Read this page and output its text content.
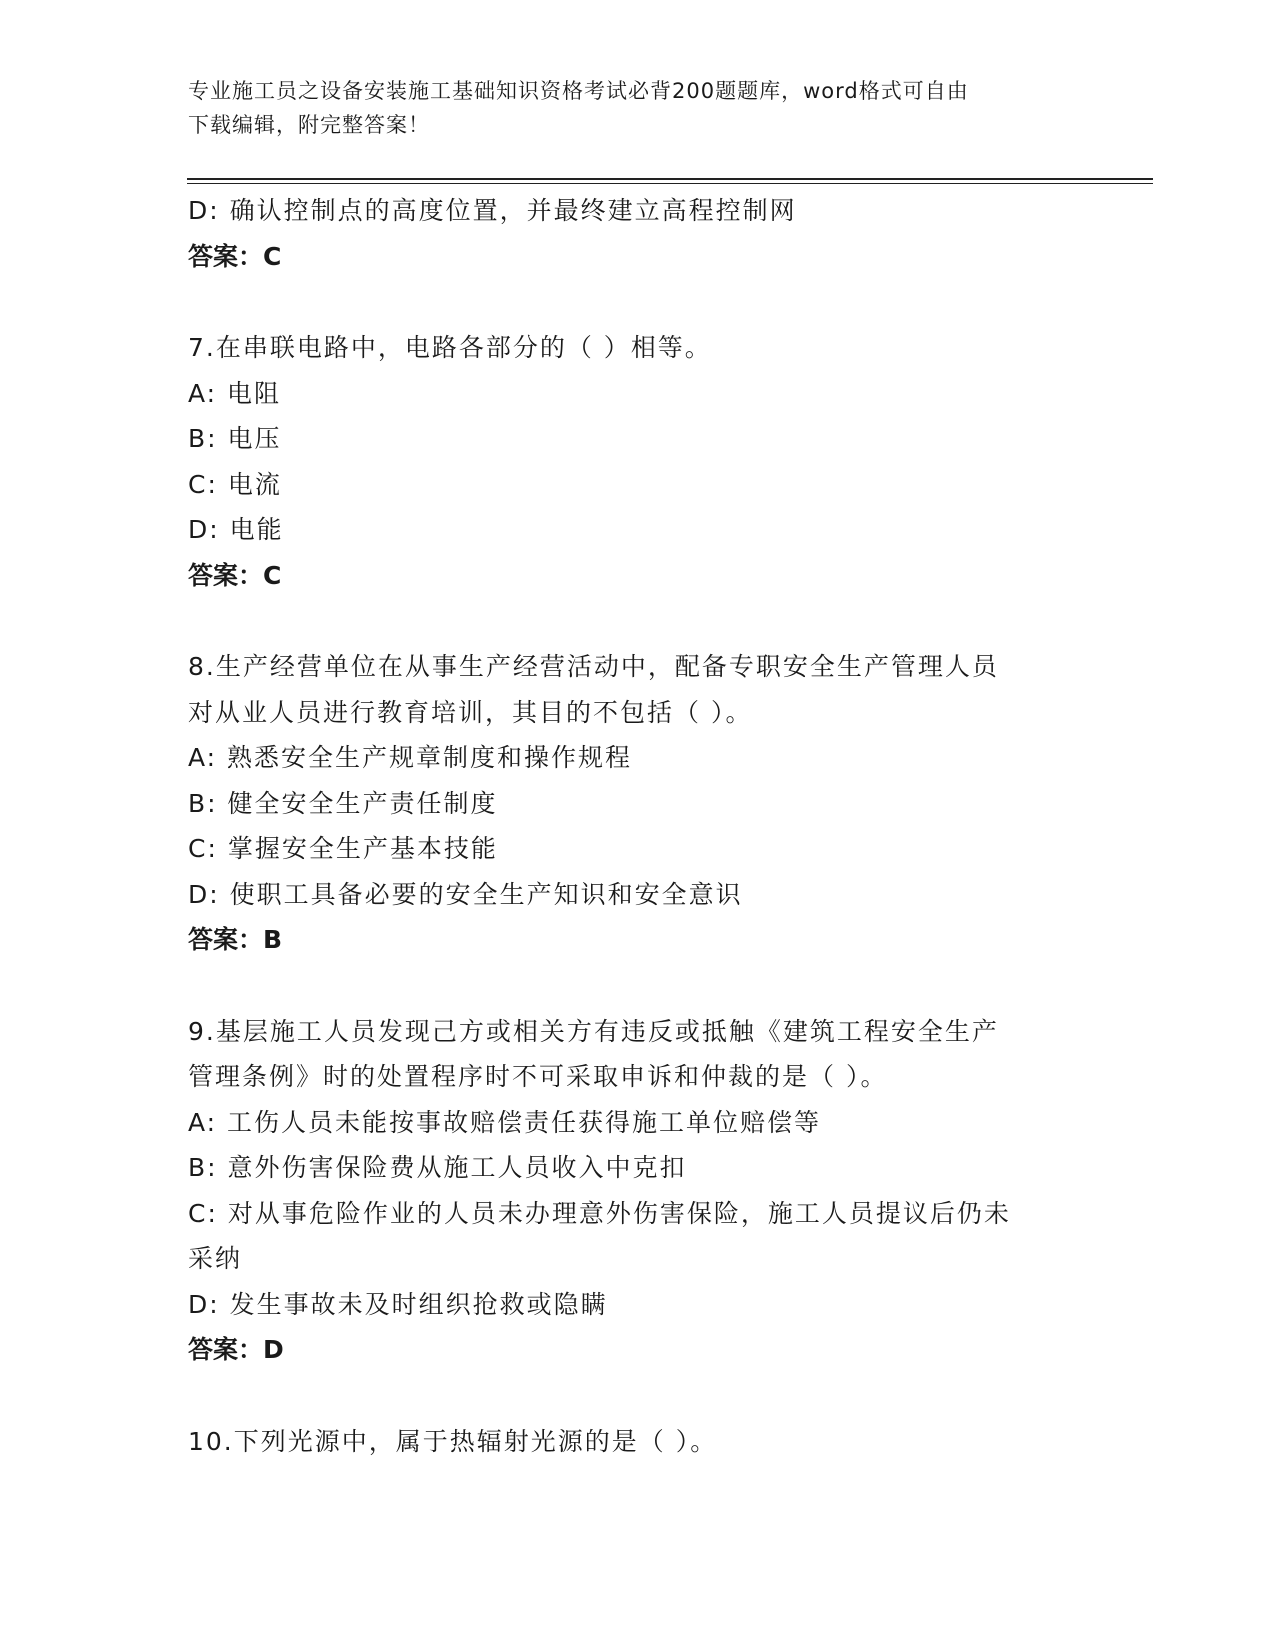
专业施工员之设备安装施工基础知识资格考试必背200题题库，word格式可自由
下载编辑，附完整答案！
D: 确认控制点的高度位置，并最终建立高程控制网
答案：C
7.在串联电路中，电路各部分的（ ）相等。
A: 电阻
B: 电压
C: 电流
D: 电能
答案：C
8.生产经营单位在从事生产经营活动中，配备专职安全生产管理人员
对从业人员进行教育培训，其目的不包括（ ）。
A: 熟悉安全生产规章制度和操作规程
B: 健全安全生产责任制度
C: 掌握安全生产基本技能
D: 使职工具备必要的安全生产知识和安全意识
答案：B
9.基层施工人员发现己方或相关方有违反或抵触《建筑工程安全生产
管理条例》时的处置程序时不可采取申诉和仲裁的是（ ）。
A: 工伤人员未能按事故赔偿责任获得施工单位赔偿等
B: 意外伤害保险费从施工人员收入中克扣
C: 对从事危险作业的人员未办理意外伤害保险，施工人员提议后仍未
采纳
D: 发生事故未及时组织抢救或隐瞒
答案：D
10.下列光源中，属于热辐射光源的是（ ）。
